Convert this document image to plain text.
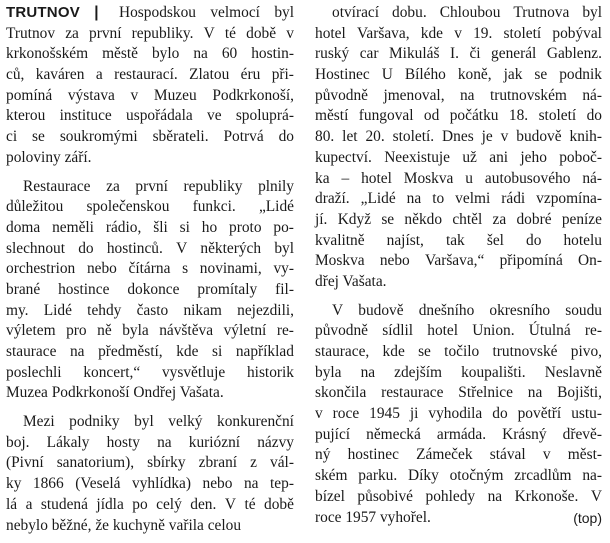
TRUTNOV | Hospodskou velmocí byl
Trutnov za první republiky. V té době v
krkonošském městě bylo na 60 hostin-
ců, kaváren a restaurací. Zlatou éru při-
pomíná výstava v Muzeu Podkrkonoší,
kterou instituce uspořádala ve spoluprá-
ci se soukromými sběrateli. Potrvá do
poloviny září.
Restaurace za první republiky plnily
důležitou společenskou funkci. „Lidé
doma neměli rádio, šli si ho proto po-
slechnout do hostinců. V některých byl
orchestrion nebo čítárna s novinami, vy-
brané hostince dokonce promítaly fil-
my. Lidé tehdy často nikam nejezdili,
výletem pro ně byla návštěva výletní re-
staurace na předměstí, kde si například
poslechli koncert,“ vysvětluje historik
Muzea Podkrkonoší Ondřej Vašata.
Mezi podniky byl velký konkurenční
boj. Lákaly hosty na kuriózní názvy
(Pivní sanatorium), sbírky zbraní z vál-
ky 1866 (Veselá vyhlídka) nebo na tep-
lá a studená jídla po celý den. V té době
nebylo běžné, že kuchyně vařila celou
otvírací dobu. Chloubou Trutnova byl
hotel Varšava, kde v 19. století pobýval
ruský car Mikuláš I. či generál Gablenz.
Hostinec U Bílého koně, jak se podnik
původně jmenoval, na trutnovském ná-
městí fungoval od počátku 18. století do
80. let 20. století. Dnes je v budově knih-
kupectví. Neexistuje už ani jeho poboč-
ka – hotel Moskva u autobusového ná-
draží. „Lidé na to velmi rádi vzpomína-
jí. Když se někdo chtěl za dobré peníze
kvalitně najíst, tak šel do hotelu
Moskva nebo Varšava,“ připomíná On-
dřej Vašata.
V budově dnešního okresního soudu
původně sídlil hotel Union. Útulná re-
staurace, kde se točilo trutnovské pivo,
byla na zdejším koupališti. Neslavně
skončila restaurace Střelnice na Bojišti,
v roce 1945 ji vyhodila do povětří ustu-
pující německá armáda. Krásný dřevě-
ný hostinec Zámeček stával v měst-
ském parku. Díky otočným zrcadlům na-
bízel působivé pohledy na Krkonoše. V
roce 1957 vyhořel.	(top)
